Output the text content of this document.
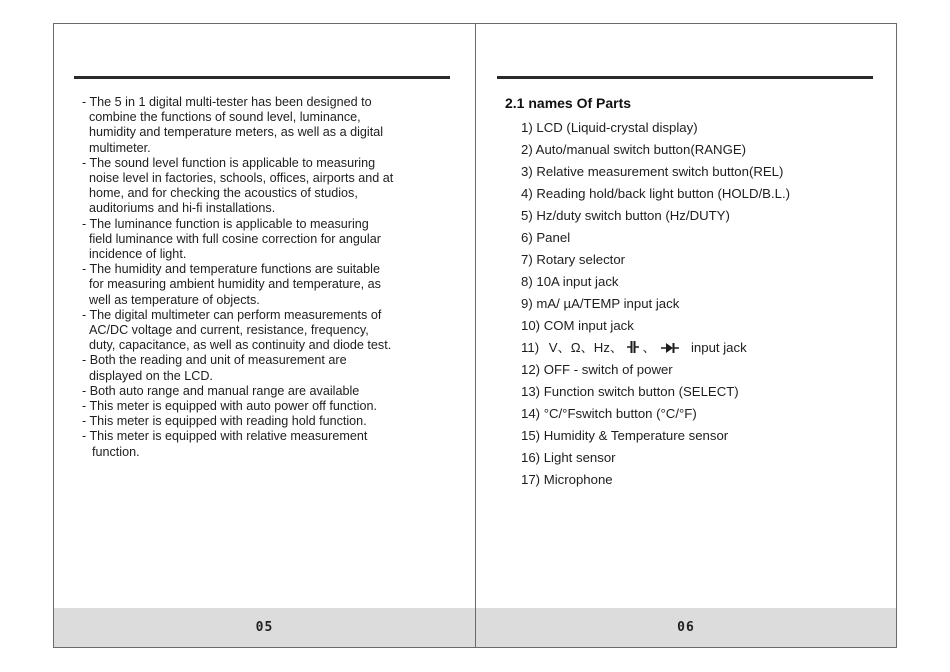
- The 5 in 1 digital multi-tester has been designed to

combine the functions of sound level, luminance,

humidity and temperature meters, as well as a digital

multimeter.

- The sound level function is applicable to measuring

noise level in factories, schools, offices, airports and at

home, and for checking the acoustics of studios,

auditoriums and hi-fi installations.

- The luminance function is applicable to measuring

field luminance with full cosine correction for angular

incidence of light.

- The humidity and temperature functions are suitable

for measuring ambient humidity and temperature, as

well as temperature of objects.

- The digital multimeter can perform measurements of

AC/DC voltage and current, resistance, frequency,

duty, capacitance, as well as continuity and diode test.

- Both the reading and unit of measurement are

displayed on the LCD.

- Both auto range and manual range are available

- This meter is equipped with auto power off function.

- This meter is equipped with reading hold function.

- This meter is equipped with relative measurement

function.

05
2.1 names Of Parts
1) LCD (Liquid-crystal display)
2) Auto/manual switch button(RANGE)
3) Relative measurement switch button(REL)
4) Reading hold/back light button (HOLD/B.L.)
5) Hz/duty switch button (Hz/DUTY)
6) Panel
7) Rotary selector
8) 10A input jack
9) mA/ µA/TEMP input jack
10) COM input jack
11) V、Ω、Hz、 、	input jack
12) OFF - switch of power
13) Function switch button (SELECT)
14) °C/°Fswitch button (°C/°F)
15) Humidity & Temperature sensor
16) Light sensor
17) Microphone
06
